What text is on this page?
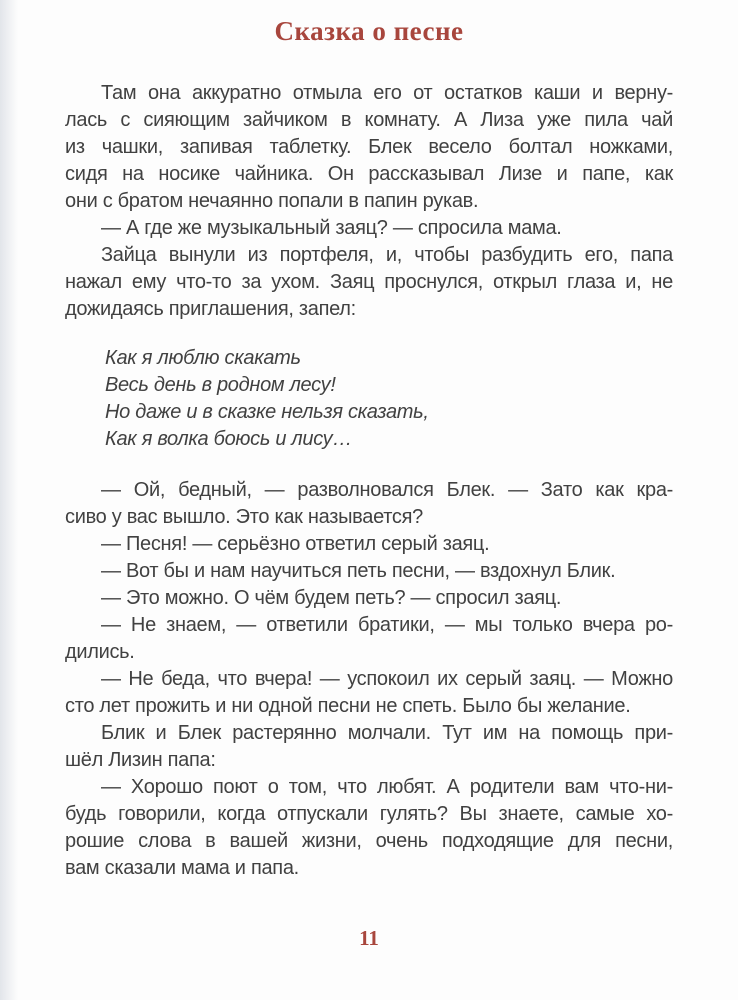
Сказка о песне
Там она аккуратно отмыла его от остатков каши и верну-
лась с сияющим зайчиком в комнату. А Лиза уже пила чай
из чашки, запивая таблетку. Блек весело болтал ножками,
сидя на носике чайника. Он рассказывал Лизе и папе, как
они с братом нечаянно попали в папин рукав.
— А где же музыкальный заяц? — спросила мама.
Зайца вынули из портфеля, и, чтобы разбудить его, папа
нажал ему что-то за ухом. Заяц проснулся, открыл глаза и, не
дожидаясь приглашения, запел:
Как я люблю скакать
Весь день в родном лесу!
Но даже и в сказке нельзя сказать,
Как я волка боюсь и лису…
— Ой, бедный, — разволновался Блек. — Зато как кра-
сиво у вас вышло. Это как называется?
— Песня! — серьёзно ответил серый заяц.
— Вот бы и нам научиться петь песни, — вздохнул Блик.
— Это можно. О чём будем петь? — спросил заяц.
— Не знаем, — ответили братики, — мы только вчера ро-
дились.
— Не беда, что вчера! — успокоил их серый заяц. — Можно
сто лет прожить и ни одной песни не спеть. Было бы желание.
Блик и Блек растерянно молчали. Тут им на помощь при-
шёл Лизин папа:
— Хорошо поют о том, что любят. А родители вам что-ни-
будь говорили, когда отпускали гулять? Вы знаете, самые хо-
рошие слова в вашей жизни, очень подходящие для песни,
вам сказали мама и папа.
11
